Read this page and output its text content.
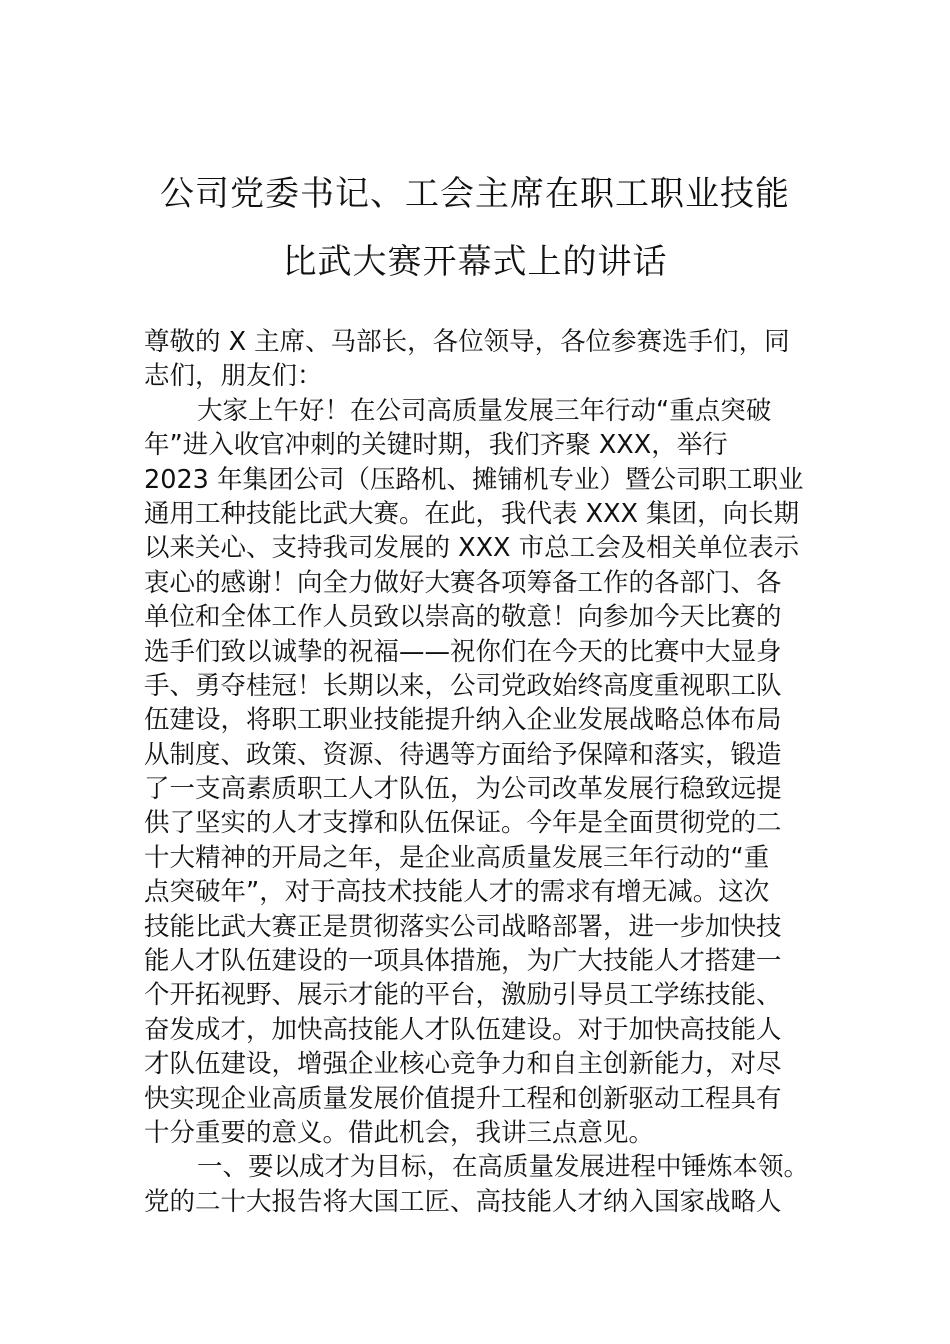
公司党委书记、工会主席在职工职业技能
比武大赛开幕式上的讲话
尊敬的 X 主席、马部长，各位领导，各位参赛选手们，同
志们，朋友们：
大家上午好！在公司高质量发展三年行动“重点突破
年”进入收官冲刺的关键时期，我们齐聚 XXX，举行
2023 年集团公司（压路机、摊铺机专业）暨公司职工职业
通用工种技能比武大赛。在此，我代表 XXX 集团，向长期
以来关心、支持我司发展的 XXX 市总工会及相关单位表示
衷心的感谢！向全力做好大赛各项筹备工作的各部门、各
单位和全体工作人员致以崇高的敬意！向参加今天比赛的
选手们致以诚挚的祝福——祝你们在今天的比赛中大显身
手、勇夺桂冠！长期以来，公司党政始终高度重视职工队
伍建设，将职工职业技能提升纳入企业发展战略总体布局
从制度、政策、资源、待遇等方面给予保障和落实，锻造
了一支高素质职工人才队伍，为公司改革发展行稳致远提
供了坚实的人才支撑和队伍保证。今年是全面贯彻党的二
十大精神的开局之年，是企业高质量发展三年行动的“重
点突破年”，对于高技术技能人才的需求有增无减。这次
技能比武大赛正是贯彻落实公司战略部署，进一步加快技
能人才队伍建设的一项具体措施，为广大技能人才搭建一
个开拓视野、展示才能的平台，激励引导员工学练技能、
奋发成才，加快高技能人才队伍建设。对于加快高技能人
才队伍建设，增强企业核心竞争力和自主创新能力，对尽
快实现企业高质量发展价值提升工程和创新驱动工程具有
十分重要的意义。借此机会，我讲三点意见。
一、要以成才为目标，在高质量发展进程中锤炼本领。
党的二十大报告将大国工匠、高技能人才纳入国家战略人
